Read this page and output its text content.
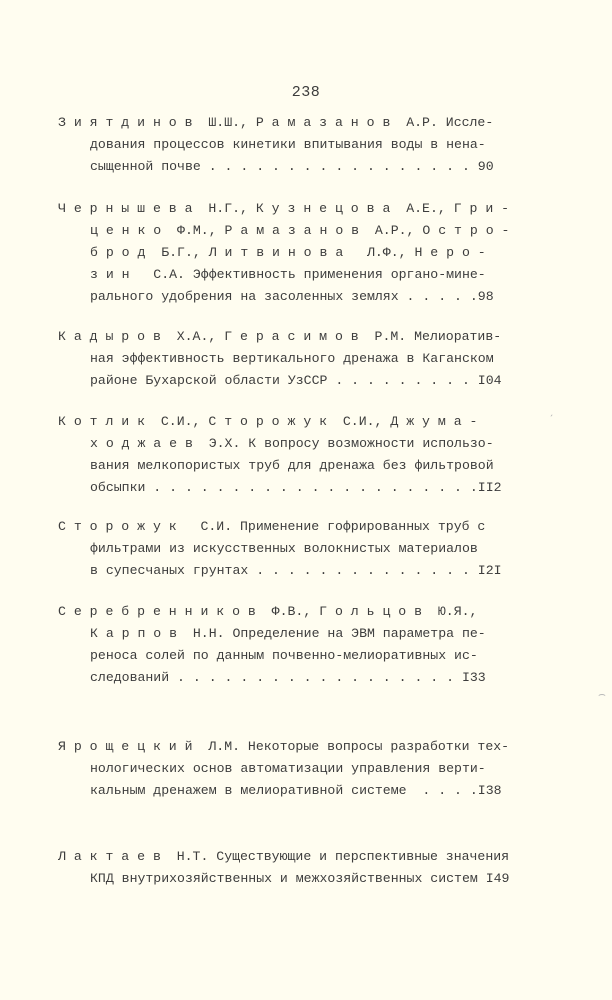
238
З и я т д и н о в  Ш.Ш., Р а м а з а н о в  А.Р. Иссле-
дования процессов кинетики впитывания воды в нена-
сыщенной почве . . . . . . . . . . . . . . . . . 90
Ч е р н ы ш е в а  Н.Г., К у з н е ц о в а  А.Е., Г р и -
ц е н к о  Ф.М., Р а м а з а н о в  А.Р., О с т р о -
б р о д  Б.Г., Л и т в и н о в а   Л.Ф., Н е р о -
з и н   С.А. Эффективность применения органо-мине-
рального удобрения на засоленных землях . . . . .98
К а д ы р о в  Х.А., Г е р а с и м о в  Р.М. Мелиоратив-
ная эффективность вертикального дренажа в Каганском
районе Бухарской области УзССР . . . . . . . . . I04
К о т л и к  С.И., С т о р о ж у к  С.И., Д ж у м а -
х о д ж а е в  Э.Х. К вопросу возможности использо-
вания мелкопористых труб для дренажа без фильтровой
обсыпки . . . . . . . . . . . . . . . . . . . . .II2
С т о р о ж у к   С.И. Применение гофрированных труб с
фильтрами из искусственных волокнистых материалов
в супесчаных грунтах . . . . . . . . . . . . . . I2I
С е р е б р е н н и к о в  Ф.В., Г о л ь ц о в  Ю.Я.,
К а р п о в  Н.Н. Определение на ЭВМ параметра пе-
реноса солей по данным почвенно-мелиоративных ис-
следований . . . . . . . . . . . . . . . . . . I33
Я р о щ е ц к и й  Л.М. Некоторые вопросы разработки тех-
нологических основ автоматизации управления верти-
кальным дренажем в мелиоративной системе  . . . .I38
Л а к т а е в  Н.Т. Существующие и перспективные значения
КПД внутрихозяйственных и межхозяйственных систем I49
⌢
ˏ
